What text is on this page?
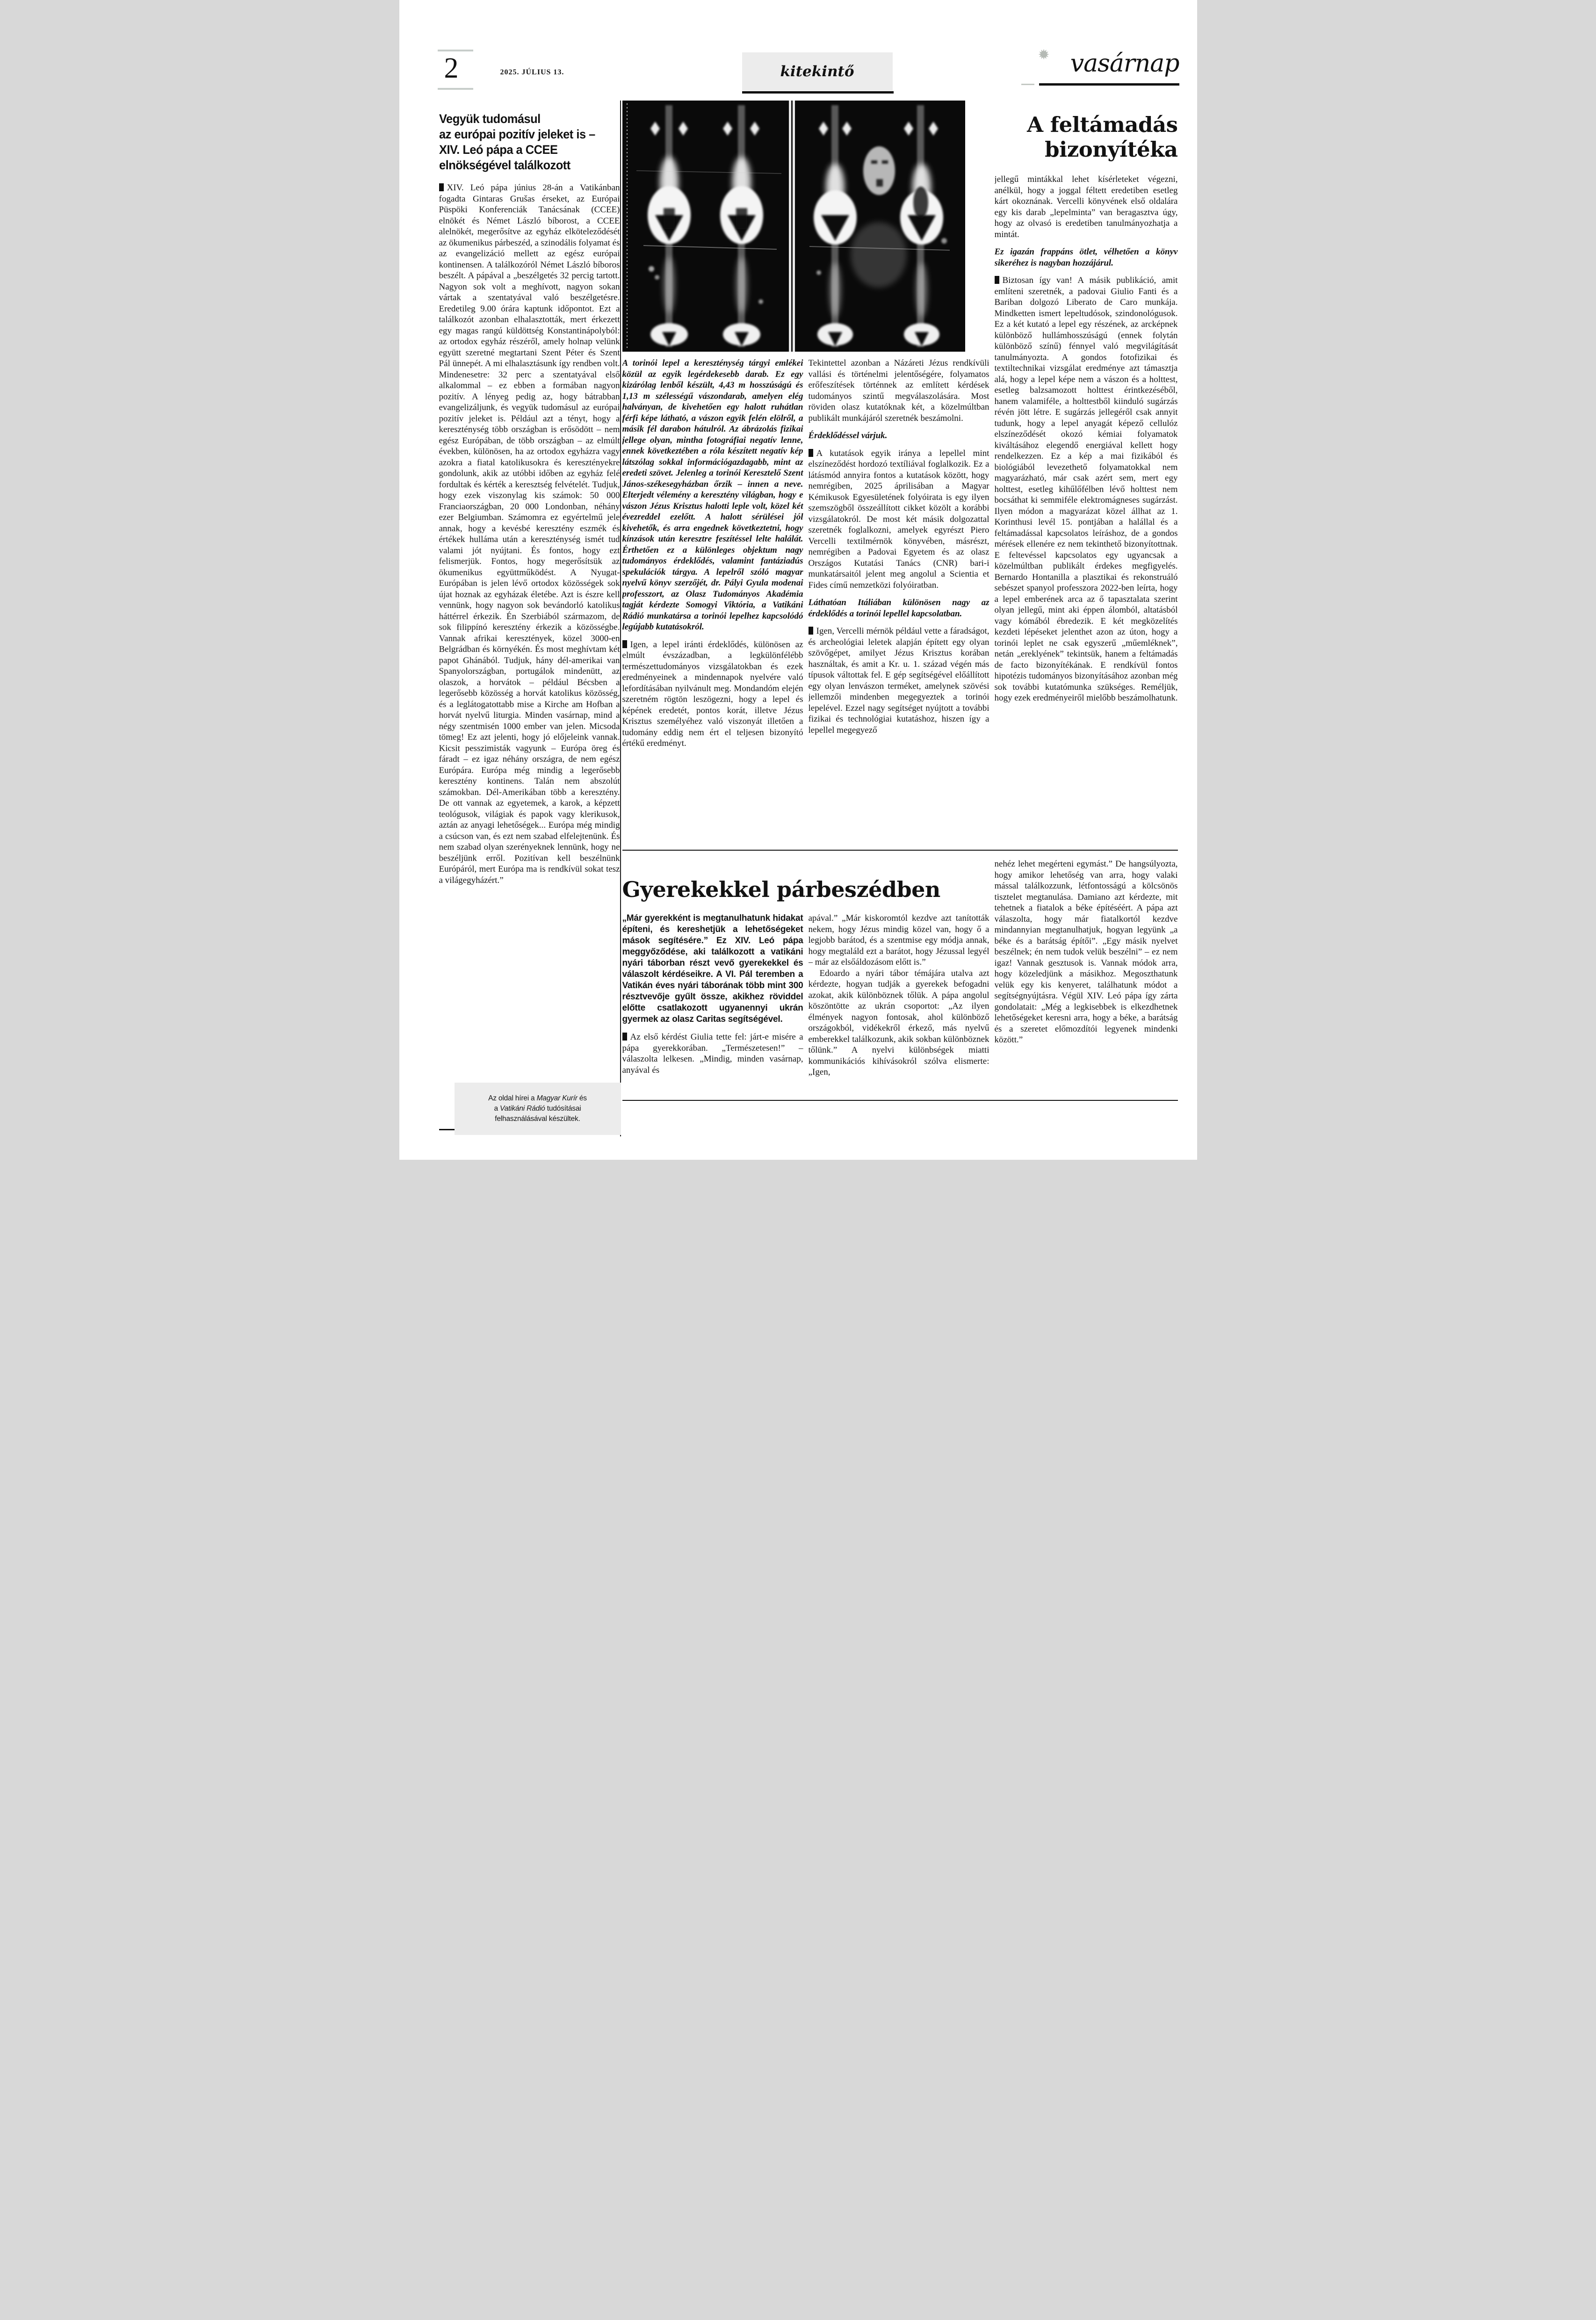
2	2025. JÚLIUS 13.	kitekintő
✹ vasárnap
Vegyük tudomásul
az európai pozitív jeleket is –
XIV. Leó pápa a CCEE
elnökségével találkozott

XIV. Leó pápa június 28-án a Vatikánban fogadta Gintaras Grušas érseket, az Európai Püspöki Konferenciák Tanácsának (CCEE) elnökét és Német László bíborost, a CCEE alelnökét, megerősítve az egyház elköteleződését az ökumenikus párbeszéd, a szinodális folyamat és az evangelizáció mellett az egész európai kontinensen. A találkozóról Német László bíboros beszélt. A pápával a „beszélgetés 32 percig tartott. Nagyon sok volt a meghívott, nagyon sokan vártak a szentatyával való beszélgetésre. Eredetileg 9.00 órára kaptunk időpontot. Ezt a találkozót azonban elhalasztották, mert érkezett egy magas rangú küldöttség Konstantinápolyból: az ortodox egyház részéről, amely holnap velünk együtt szeretné megtartani Szent Péter és Szent Pál ünnepét. A mi elhalasztásunk így rendben volt. Mindenesetre: 32 perc a szentatyával első alkalommal – ez ebben a formában nagyon pozitív. A lényeg pedig az, hogy bátrabban evangelizáljunk, és vegyük tudomásul az európai pozitív jeleket is. Például azt a tényt, hogy a kereszténység több országban is erősödött – nem egész Európában, de több országban – az elmúlt években, különösen, ha az ortodox egyházra vagy azokra a fiatal katolikusokra és keresztényekre gondolunk, akik az utóbbi időben az egyház felé fordultak és kérték a keresztség felvételét. Tudjuk, hogy ezek viszonylag kis számok: 50 000 Franciaországban, 20 000 Londonban, néhány ezer Belgiumban. Számomra ez egyértelmű jele annak, hogy a kevésbé keresztény eszmék és értékek hulláma után a kereszténység ismét tud valami jót nyújtani. És fontos, hogy ezt felismerjük. Fontos, hogy megerősítsük az ökumenikus együttműködést. A Nyugat-Európában is jelen lévő ortodox közösségek sok újat hoznak az egyházak életébe. Azt is észre kell vennünk, hogy nagyon sok bevándorló katolikus háttérrel érkezik. Én Szerbiából származom, de sok filippínó keresztény érkezik a közösségbe. Vannak afrikai keresztények, közel 3000-en Belgrádban és környékén. És most meghívtam két papot Ghánából. Tudjuk, hány dél-amerikai van Spanyolországban, portugálok mindenütt, az olaszok, a horvátok – például Bécsben a legerősebb közösség a horvát katolikus közösség, és a leglátogatottabb mise a Kirche am Hofban a horvát nyelvű liturgia. Minden vasárnap, mind a négy szentmisén 1000 ember van jelen. Micsoda tömeg! Ez azt jelenti, hogy jó előjeleink vannak. Kicsit pesszimisták vagyunk – Európa öreg és fáradt – ez igaz néhány országra, de nem egész Európára. Európa még mindig a legerősebb keresztény kontinens. Talán nem abszolút számokban. Dél-Amerikában több a keresztény. De ott vannak az egyetemek, a karok, a képzett teológusok, világiak és papok vagy klerikusok, aztán az anyagi lehetőségek... Európa még mindig a csúcson van, és ezt nem szabad elfelejtenünk. És nem szabad olyan szerényeknek lennünk, hogy ne beszéljünk erről. Pozitívan kell beszélnünk Európáról, mert Európa ma is rendkívül sokat tesz a világegyházért.”

A torinói lepel a kereszténység tárgyi emlékei közül az egyik legérdekesebb darab. Ez egy kizárólag lenből készült, 4,43 m hosszúságú és 1,13 m szélességű vászondarab, amelyen elég halványan, de kivehetően egy halott ruhátlan férfi képe látható, a vászon egyik felén elölről, a másik fél darabon hátulról. Az ábrázolás fizikai jellege olyan, mintha fotográfiai negatív lenne, ennek következtében a róla készített negatív kép látszólag sokkal információgazdagabb, mint az eredeti szövet. Jelenleg a torinói Keresztelő Szent János-székesegyházban őrzik – innen a neve. Elterjedt vélemény a keresztény világban, hogy e vászon Jézus Krisztus halotti leple volt, közel két évezreddel ezelőtt. A halott sérülései jól kivehetők, és arra engednek következtetni, hogy kínzások után keresztre feszítéssel lelte halálát. Érthetően ez a különleges objektum nagy tudományos érdeklődés, valamint fantáziadús spekulációk tárgya. A lepelről szóló magyar nyelvű könyv szerzőjét, dr. Pályi Gyula modenai professzort, az Olasz Tudományos Akadémia tagját kérdezte Somogyi Viktória, a Vatikáni Rádió munkatársa a torinói lepelhez kapcsolódó legújabb kutatásokról.

Igen, a lepel iránti érdeklődés, különösen az elmúlt évszázadban, a legkülönfélébb természettudományos vizsgálatokban és ezek eredményeinek a mindennapok nyelvére való lefordításában nyilvánult meg. Mondandóm elején szeretném rögtön leszögezni, hogy a lepel és képének eredetét, pontos korát, illetve Jézus Krisztus személyéhez való viszonyát illetően a tudomány eddig nem ért el teljesen bizonyító értékű eredményt.

Tekintettel azonban a Názáreti Jézus rendkívüli vallási és történelmi jelentőségére, folyamatos erőfeszítések történnek az említett kérdések tudományos szintű megválaszolására. Most röviden olasz kutatóknak két, a közelmúltban publikált munkájáról szeretnék beszámolni.

Érdeklődéssel várjuk.

A kutatások egyik iránya a lepellel mint elszíneződést hordozó textíliával foglalkozik. Ez a látásmód annyira fontos a kutatások között, hogy nemrégiben, 2025 áprilisában a Magyar Kémikusok Egyesületének folyóirata is egy ilyen szemszögből összeállított cikket közölt a korábbi vizsgálatokról. De most két másik dolgozattal szeretnék foglalkozni, amelyek egyrészt Piero Vercelli textilmérnök könyvében, másrészt, nemrégiben a Padovai Egyetem és az olasz Országos Kutatási Tanács (CNR) bari-i munkatársaitól jelent meg angolul a Scientia et Fides című nemzetközi folyóiratban.

Láthatóan Itáliában különösen nagy az érdeklődés a torinói lepellel kapcsolatban.

Igen, Vercelli mérnök például vette a fáradságot, és archeológiai leletek alapján épített egy olyan szövőgépet, amilyet Jézus Krisztus korában használtak, és amit a Kr. u. 1. század végén más típusok váltottak fel. E gép segítségével előállított egy olyan lenvászon terméket, amelynek szövési jellemzői mindenben megegyeztek a torinói lepelével. Ezzel nagy segítséget nyújtott a további fizikai és technológiai kutatáshoz, hiszen így a lepellel megegyező

A feltámadás
bizonyítéka

jellegű mintákkal lehet kísérleteket végezni, anélkül, hogy a joggal féltett eredetiben esetleg kárt okoznának. Vercelli könyvének első oldalára egy kis darab „lepelminta” van beragasztva úgy, hogy az olvasó is eredetiben tanulmányozhatja a mintát.

Ez igazán frappáns ötlet, vélhetően a könyv sikeréhez is nagyban hozzájárul.

Biztosan így van! A másik publikáció, amit említeni szeretnék, a padovai Giulio Fanti és a Bariban dolgozó Liberato de Caro munkája. Mindketten ismert lepeltudósok, szindonológusok. Ez a két kutató a lepel egy részének, az arcképnek különböző hullámhosszúságú (ennek folytán különböző színű) fénnyel való megvilágítását tanulmányozta. A gondos fotofizikai és textiltechnikai vizsgálat eredménye azt támasztja alá, hogy a lepel képe nem a vászon és a holttest, esetleg balzsamozott holttest érintkezéséből, hanem valamiféle, a holttestből kiinduló sugárzás révén jött létre. E sugárzás jellegéről csak annyit tudunk, hogy a lepel anyagát képező cellulóz elszíneződését okozó kémiai folyamatok kiváltásához elegendő energiával kellett hogy rendelkezzen. Ez a kép a mai fizikából és biológiából levezethető folyamatokkal nem magyarázható, már csak azért sem, mert egy holttest, esetleg kihűlőfélben lévő holttest nem bocsáthat ki semmiféle elektromágneses sugárzást. Ilyen módon a magyarázat közel állhat az 1. Korinthusi levél 15. pontjában a halállal és a feltámadással kapcsolatos leíráshoz, de a gondos mérések ellenére ez nem tekinthető bizonyítottnak. E feltevéssel kapcsolatos egy ugyancsak a közelmúltban publikált érdekes megfigyelés. Bernardo Hontanilla a plasztikai és rekonstruáló sebészet spanyol professzora 2022-ben leírta, hogy a lepel emberének arca az ő tapasztalata szerint olyan jellegű, mint aki éppen álomból, altatásból vagy kómából ébredezik. E két megközelítés kezdeti lépéseket jelenthet azon az úton, hogy a torinói leplet ne csak egyszerű „műemléknek”, netán „ereklyének” tekintsük, hanem a feltámadás de facto bizonyítékának. E rendkívül fontos hipotézis tudományos bizonyításához azonban még sok további kutatómunka szükséges. Reméljük, hogy ezek eredményeiről mielőbb beszámolhatunk.

Gyerekekkel párbeszédben

„Már gyerekként is megtanulhatunk hidakat építeni, és kereshetjük a lehetőségeket mások segítésére.” Ez XIV. Leó pápa meggyőződése, aki találkozott a vatikáni nyári táborban részt vevő gyerekekkel és válaszolt kérdéseikre. A VI. Pál teremben a Vatikán éves nyári táborának több mint 300 résztvevője gyűlt össze, akikhez röviddel előtte csatlakozott ugyanennyi ukrán gyermek az olasz Caritas segítségével.

Az első kérdést Giulia tette fel: járt-e misére a pápa gyerekkorában. „Természetesen!” – válaszolta lelkesen. „Mindig, minden vasárnap, anyával és

apával.” „Már kiskoromtól kezdve azt tanították nekem, hogy Jézus mindig közel van, hogy ő a legjobb barátod, és a szentmise egy módja annak, hogy megtaláld ezt a barátot, hogy Jézussal legyél – már az elsőáldozásom előtt is.”

Edoardo a nyári tábor témájára utalva azt kérdezte, hogyan tudják a gyerekek befogadni azokat, akik különböznek tőlük. A pápa angolul köszöntötte az ukrán csoportot: „Az ilyen élmények nagyon fontosak, ahol különböző országokból, vidékekről érkező, más nyelvű emberekkel találkozunk, akik sokban különböznek tőlünk.” A nyelvi különbségek miatti kommunikációs kihívásokról szólva elismerte: „Igen,

nehéz lehet megérteni egymást.” De hangsúlyozta, hogy amikor lehetőség van arra, hogy valaki mással találkozzunk, létfontosságú a kölcsönös tisztelet megtanulása. Damiano azt kérdezte, mit tehetnek a fiatalok a béke építéséért. A pápa azt válaszolta, hogy már fiatalkortól kezdve mindannyian megtanulhatjuk, hogyan legyünk „a béke és a barátság építői”. „Egy másik nyelvet beszélnek; én nem tudok velük beszélni” – ez nem igaz! Vannak gesztusok is. Vannak módok arra, hogy közeledjünk a másikhoz. Megoszthatunk velük egy kis kenyeret, találhatunk módot a segítségnyújtásra. Végül XIV. Leó pápa így zárta gondolatait: „Még a legkisebbek is elkezdhetnek lehetőségeket keresni arra, hogy a béke, a barátság és a szeretet előmozdítói legyenek mindenki között.”

Az oldal hírei a Magyar Kurír és
a Vatikáni Rádió tudósításai
felhasználásával készültek.
